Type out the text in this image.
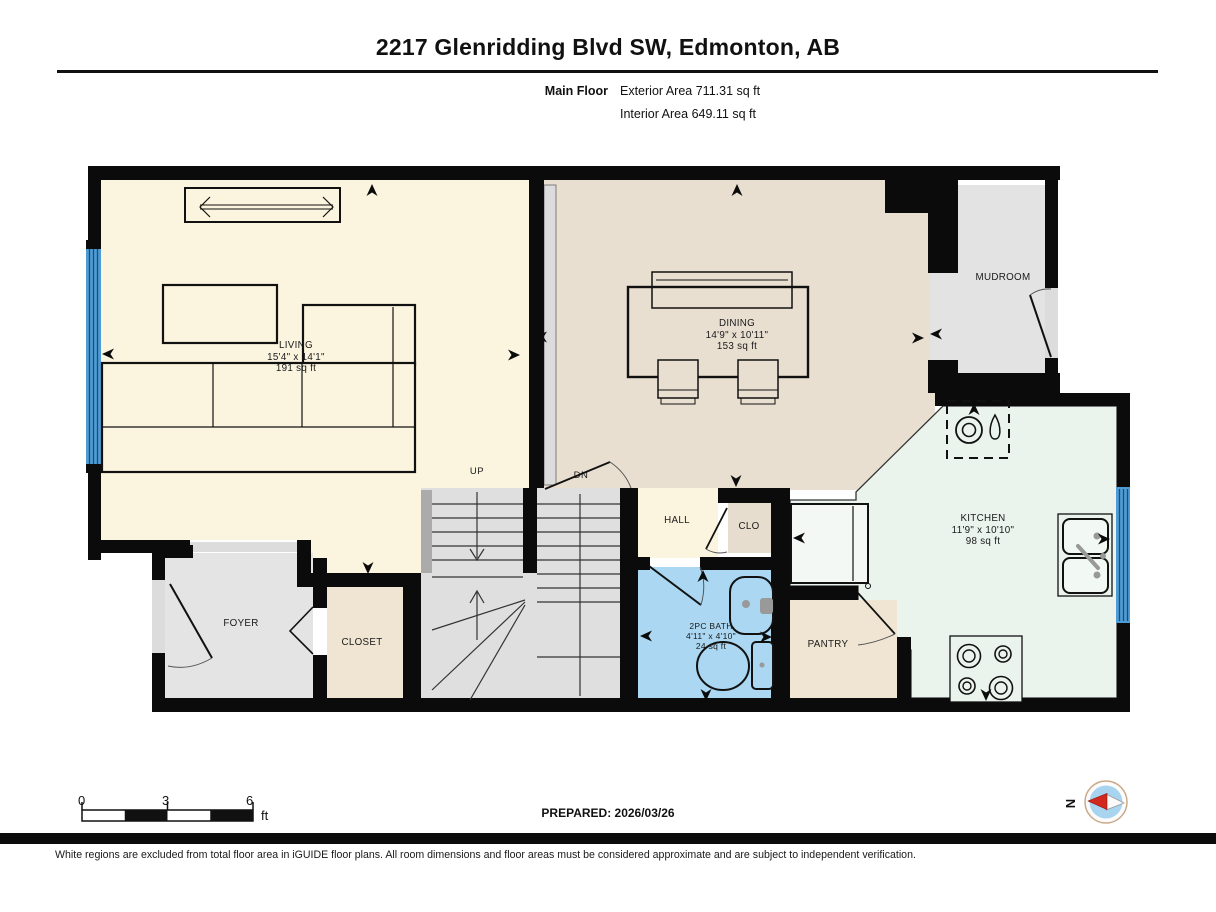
2217 Glenridding Blvd SW, Edmonton, AB
Main Floor Exterior Area 711.31 sq ft
Interior Area 649.11 sq ft
LIVING
15'4" x 14'1"
191 sq ft
DINING
14'9" x 10'11"
153 sq ft
KITCHEN
11'9" x 10'10"
98 sq ft
2PC BATH
4'11" x 4'10"
24 sq ft
MUDROOM
HALL
CLO
FOYER
CLOSET	PANTRY
UP	DN
0	3	6
ft	PREPARED: 2026/03/26
N
White regions are excluded from total floor area in iGUIDE floor plans. All room dimensions and floor areas must be considered approximate and are subject to independent verification.
